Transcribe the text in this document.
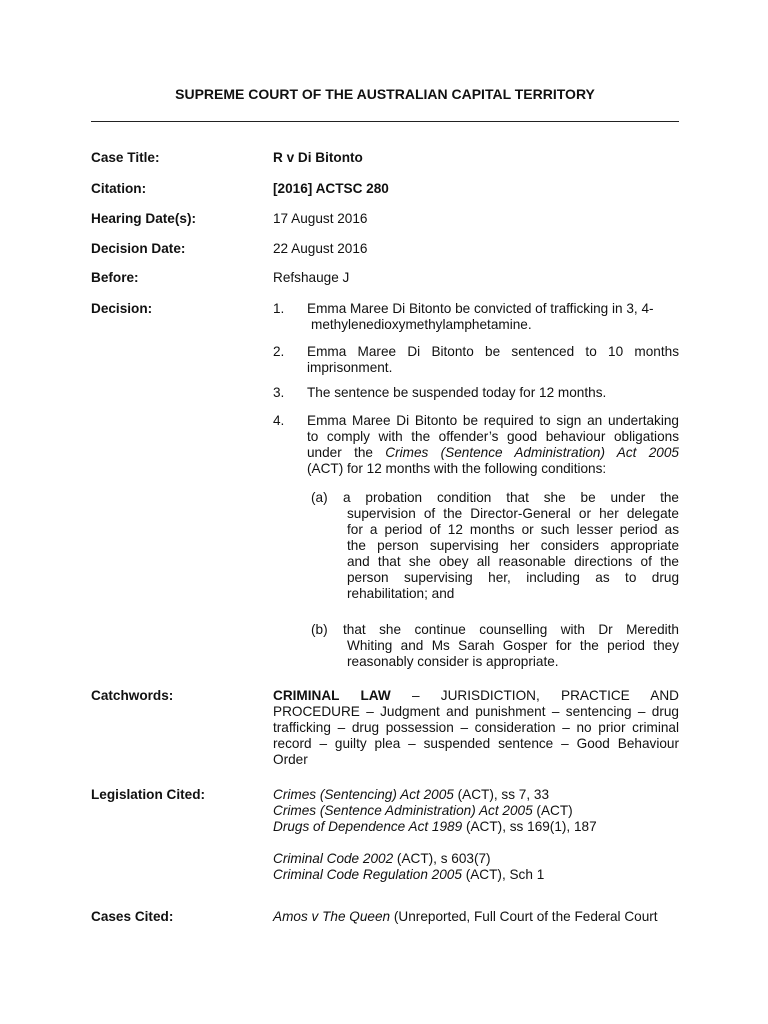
SUPREME COURT OF THE AUSTRALIAN CAPITAL TERRITORY
Case Title:	R v Di Bitonto
Citation:	[2016] ACTSC 280
Hearing Date(s):	17 August 2016
Decision Date:	22 August 2016
Before:	Refshauge J
Decision:	1. Emma Maree Di Bitonto be convicted of trafficking in 3, 4-
methylenedioxymethylamphetamine.
2. Emma Maree Di Bitonto be sentenced to 10 months
imprisonment.
3. The sentence be suspended today for 12 months.
4. Emma Maree Di Bitonto be required to sign an undertaking
to comply with the offender’s good behaviour obligations
under the Crimes (Sentence Administration) Act 2005
(ACT) for 12 months with the following conditions:
(a) a probation condition that she be under the
supervision of the Director-General or her delegate
for a period of 12 months or such lesser period as
the person supervising her considers appropriate
and that she obey all reasonable directions of the
person supervising her, including as to drug
rehabilitation; and
(b) that she continue counselling with Dr Meredith
Whiting and Ms Sarah Gosper for the period they
reasonably consider is appropriate.
Catchwords:	CRIMINAL LAW – JURISDICTION, PRACTICE AND
PROCEDURE – Judgment and punishment – sentencing – drug
trafficking – drug possession – consideration – no prior criminal
record – guilty plea – suspended sentence – Good Behaviour
Order
Legislation Cited:	Crimes (Sentencing) Act 2005 (ACT), ss 7, 33
Crimes (Sentence Administration) Act 2005 (ACT)
Drugs of Dependence Act 1989 (ACT), ss 169(1), 187
Criminal Code 2002 (ACT), s 603(7)
Criminal Code Regulation 2005 (ACT), Sch 1
Cases Cited:	Amos v The Queen (Unreported, Full Court of the Federal Court
